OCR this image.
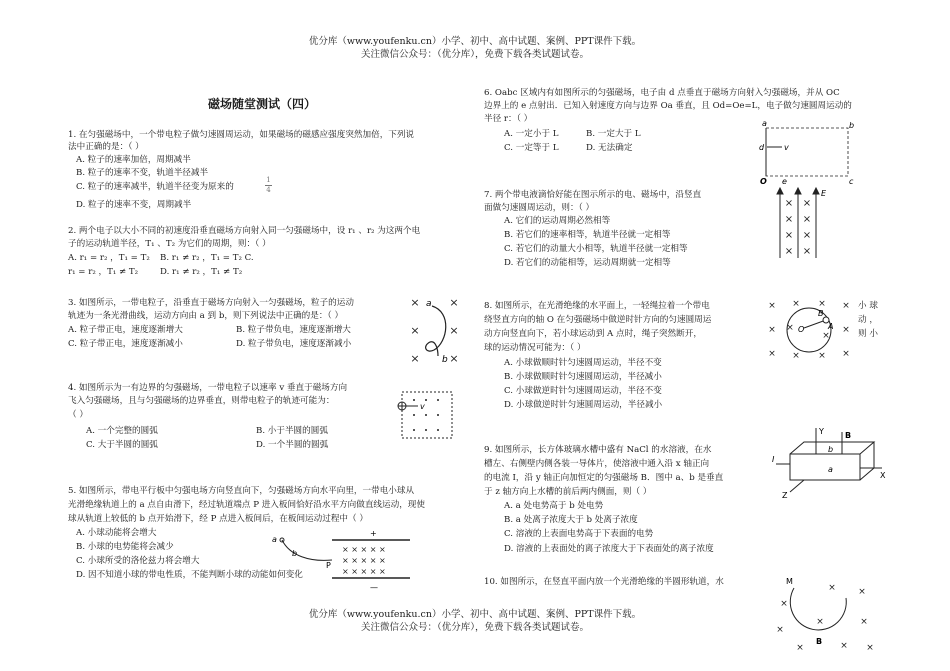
优分库（www.youfenku.cn）小学、初中、高中试题、案例、PPT课件下载。
关注微信公众号：（优分库），免费下载各类试题试卷。
磁场随堂测试（四）
1. 在匀强磁场中，一个带电粒子做匀速圆周运动，如果磁场的磁感应强度突然加倍，下列说
法中正确的是：（ ）
A. 粒子的速率加倍，周期减半
B. 粒子的速率不变，轨道半径减半
C. 粒子的速率减半，轨道半径变为原来的
1
4
D. 粒子的速率不变，周期减半
2. 两个电子以大小不同的初速度沿垂直磁场方向射入同一匀强磁场中，设 r₁ 、r₂ 为这两个电
子的运动轨道半径，T₁ 、T₂ 为它们的周期，则：（ ）
A. r₁ = r₂ ，T₁ = T₂ B. r₁ ≠ r₂ ，T₁ = T₂ C.
r₁ = r₂ ，T₁ ≠ T₂	D. r₁ ≠ r₂ ，T₁ ≠ T₂
3. 如图所示，一带电粒子，沿垂直于磁场方向射入一匀强磁场，粒子的运动
轨迹为一条光滑曲线，运动方向由 a 到 b，则下列说法中正确的是：（ ）
A. 粒子带正电，速度逐渐增大	B. 粒子带负电，速度逐渐增大
C. 粒子带正电，速度逐渐减小	D. 粒子带负电，速度逐渐减小
×	×
×	×
×	×
a
b
4. 如图所示为一有边界的匀强磁场，一带电粒子以速率 v 垂直于磁场方向
飞入匀强磁场，且与匀强磁场的边界垂直，则带电粒子的轨迹可能为：
（ ）
A. 一个完整的圆弧	B. 小于半圆的圆弧
C. 大于半圆的圆弧	D. 一个半圆的圆弧
v
5. 如图所示，带电平行板中匀强电场方向竖直向下，匀强磁场方向水平向里，一带电小球从
光滑绝缘轨道上的 a 点自由滑下，经过轨道端点 P 进入板间恰好沿水平方向做直线运动，现使
球从轨道上较低的 b 点开始滑下，经 P 点进入板间后，在板间运动过程中（ ）
A. 小球动能将会增大
B. 小球的电势能将会减少
C. 小球所受的洛伦兹力将会增大
D. 因不知道小球的带电性质，不能判断小球的动能如何变化
+
—
× × × × ×
× × × × ×
× × × × ×
a
b
P
6. Oabc 区域内有如图所示的匀强磁场，电子由 d 点垂直于磁场方向射入匀强磁场，并从 OC
边界上的 e 点射出．已知入射速度方向与边界 Oa 垂直，且 Od=Oe=L，电子做匀速圆周运动的
半径 r：（ ）
A. 一定小于 L	B. 一定大于 L
C. 一定等于 L	D. 无法确定
a	b
d v
O e	c
7. 两个带电液滴恰好能在图示所示的电、磁场中，沿竖直
面做匀速圆周运动，则：（ ）
A. 它们的运动周期必然相等
B. 若它们的速率相等，轨道半径就一定相等
C. 若它们的动量大小相等，轨道半径就一定相等
D. 若它们的动能相等，运动周期就一定相等
E
× ×
× ×
× ×
× ×
8. 如图所示，在光滑绝缘的水平面上，一轻绳拉着一个带电
绕竖直方向的轴 O 在匀强磁场中做逆时针方向的匀速圆周运
动方向竖直向下，若小球运动到 A 点时，绳子突然断开，
球的运动情况可能为：（ ）
小 球
动 ，
则 小
A. 小球做顺时针匀速圆周运动，半径不变
B. 小球做顺时针匀速圆周运动，半径减小
C. 小球做逆时针匀速圆周运动，半径不变
D. 小球做逆时针匀速圆周运动，半径减小
× × × ×
×	×
× × × ×
×
×
O	A
B
9. 如图所示，长方体玻璃水槽中盛有 NaCl 的水溶液，在水
槽左、右侧壁内侧各装一导体片，使溶液中通入沿 x 轴正向
的电流 I，沿 y 轴正向加恒定的匀强磁场 B．图中 a、b 是垂直
于 z 轴方向上水槽的前后两内侧面，则（ ）
A. a 处电势高于 b 处电势
B. a 处离子浓度大于 b 处离子浓度
C. 溶液的上表面电势高于下表面的电势
D. 溶液的上表面处的离子浓度大于下表面处的离子浓度
Y	B
I
b
a
Z
X
10. 如图所示，在竖直平面内放一个光滑绝缘的半圆形轨道，水	M
×
× ×
×
×	×
×	× ×
B
优分库（www.youfenku.cn）小学、初中、高中试题、案例、PPT课件下载。
关注微信公众号：（优分库），免费下载各类试题试卷。
